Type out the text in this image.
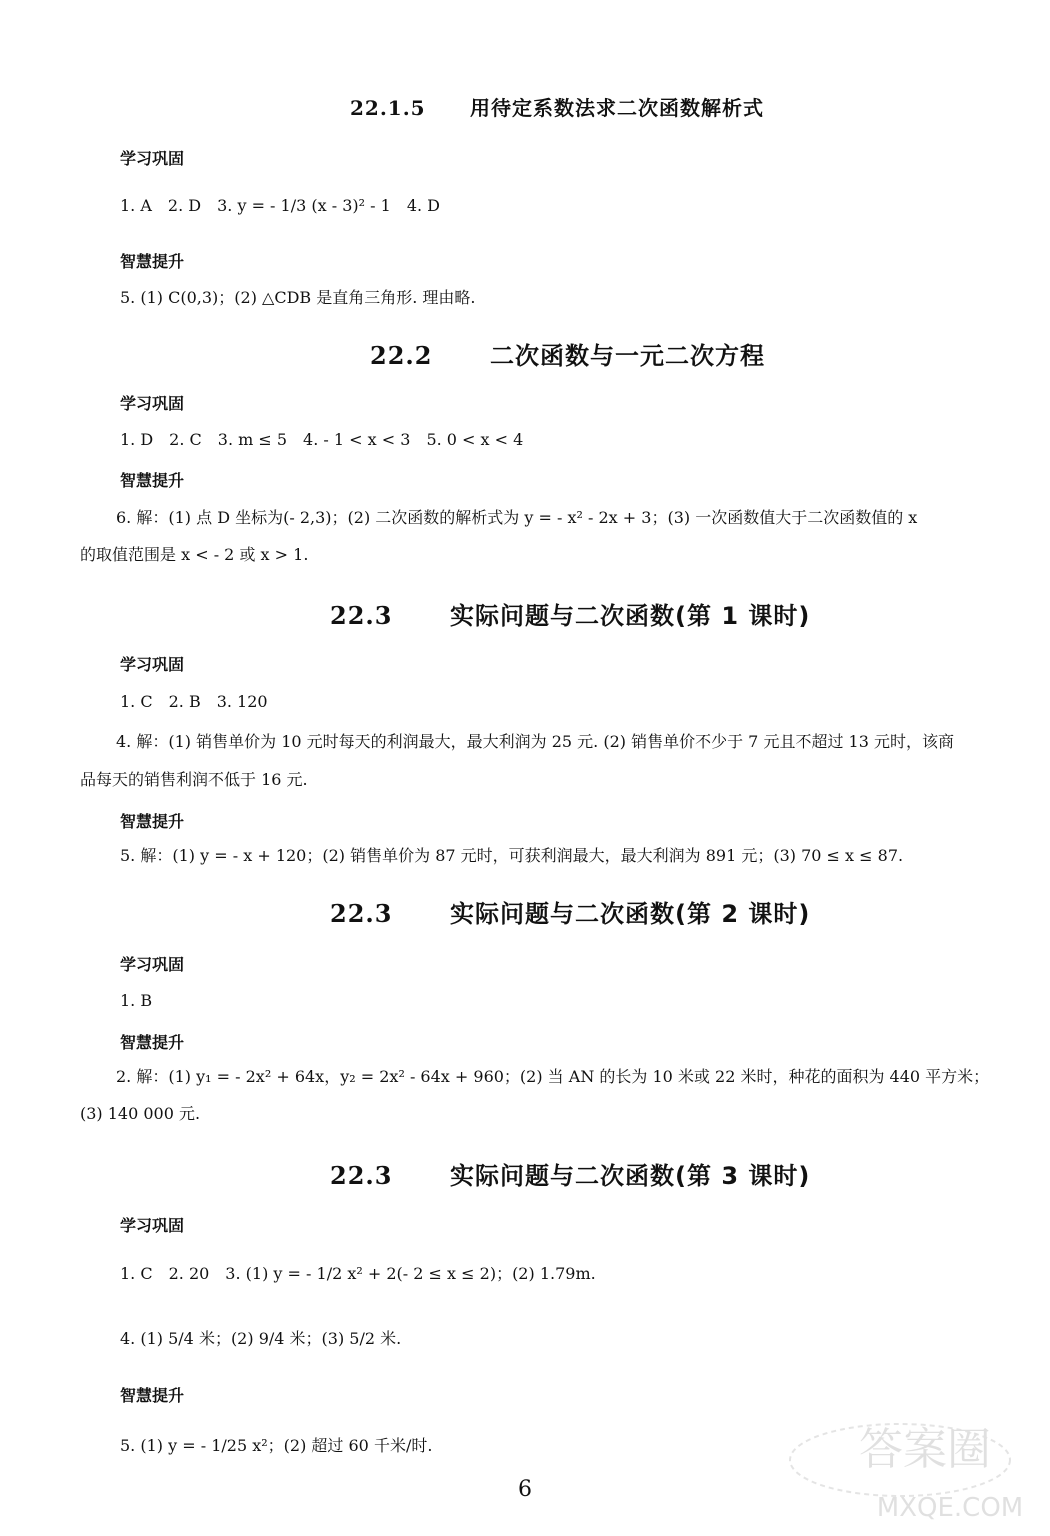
22.1.5 用待定系数法求二次函数解析式
学习巩固
1. A　2. D　3. y = - 1/3 (x - 3)² - 1　4. D
智慧提升
5. (1) C(0,3)；(2) △CDB 是直角三角形. 理由略.
22.2 二次函数与一元二次方程
学习巩固
1. D　2. C　3. m ≤ 5　4. - 1 < x < 3　5. 0 < x < 4
智慧提升
6. 解：(1) 点 D 坐标为(- 2,3)；(2) 二次函数的解析式为 y = - x² - 2x + 3；(3) 一次函数值大于二次函数值的 x
的取值范围是 x < - 2 或 x > 1.
22.3 实际问题与二次函数(第 1 课时)
学习巩固
1. C　2. B　3. 120
4. 解：(1) 销售单价为 10 元时每天的利润最大，最大利润为 25 元. (2) 销售单价不少于 7 元且不超过 13 元时，该商
品每天的销售利润不低于 16 元.
智慧提升
5. 解：(1) y = - x + 120；(2) 销售单价为 87 元时，可获利润最大，最大利润为 891 元；(3) 70 ≤ x ≤ 87.
22.3 实际问题与二次函数(第 2 课时)
学习巩固
1. B
智慧提升
2. 解：(1) y₁ = - 2x² + 64x，y₂ = 2x² - 64x + 960；(2) 当 AN 的长为 10 米或 22 米时，种花的面积为 440 平方米；
(3) 140 000 元.
22.3 实际问题与二次函数(第 3 课时)
学习巩固
1. C　2. 20　3. (1) y = - 1/2 x² + 2(- 2 ≤ x ≤ 2)；(2) 1.79m.
4. (1) 5/4 米；(2) 9/4 米；(3) 5/2 米.
智慧提升
5. (1) y = - 1/25 x²；(2) 超过 60 千米/时.
6
答案圈
MXQE.COM
